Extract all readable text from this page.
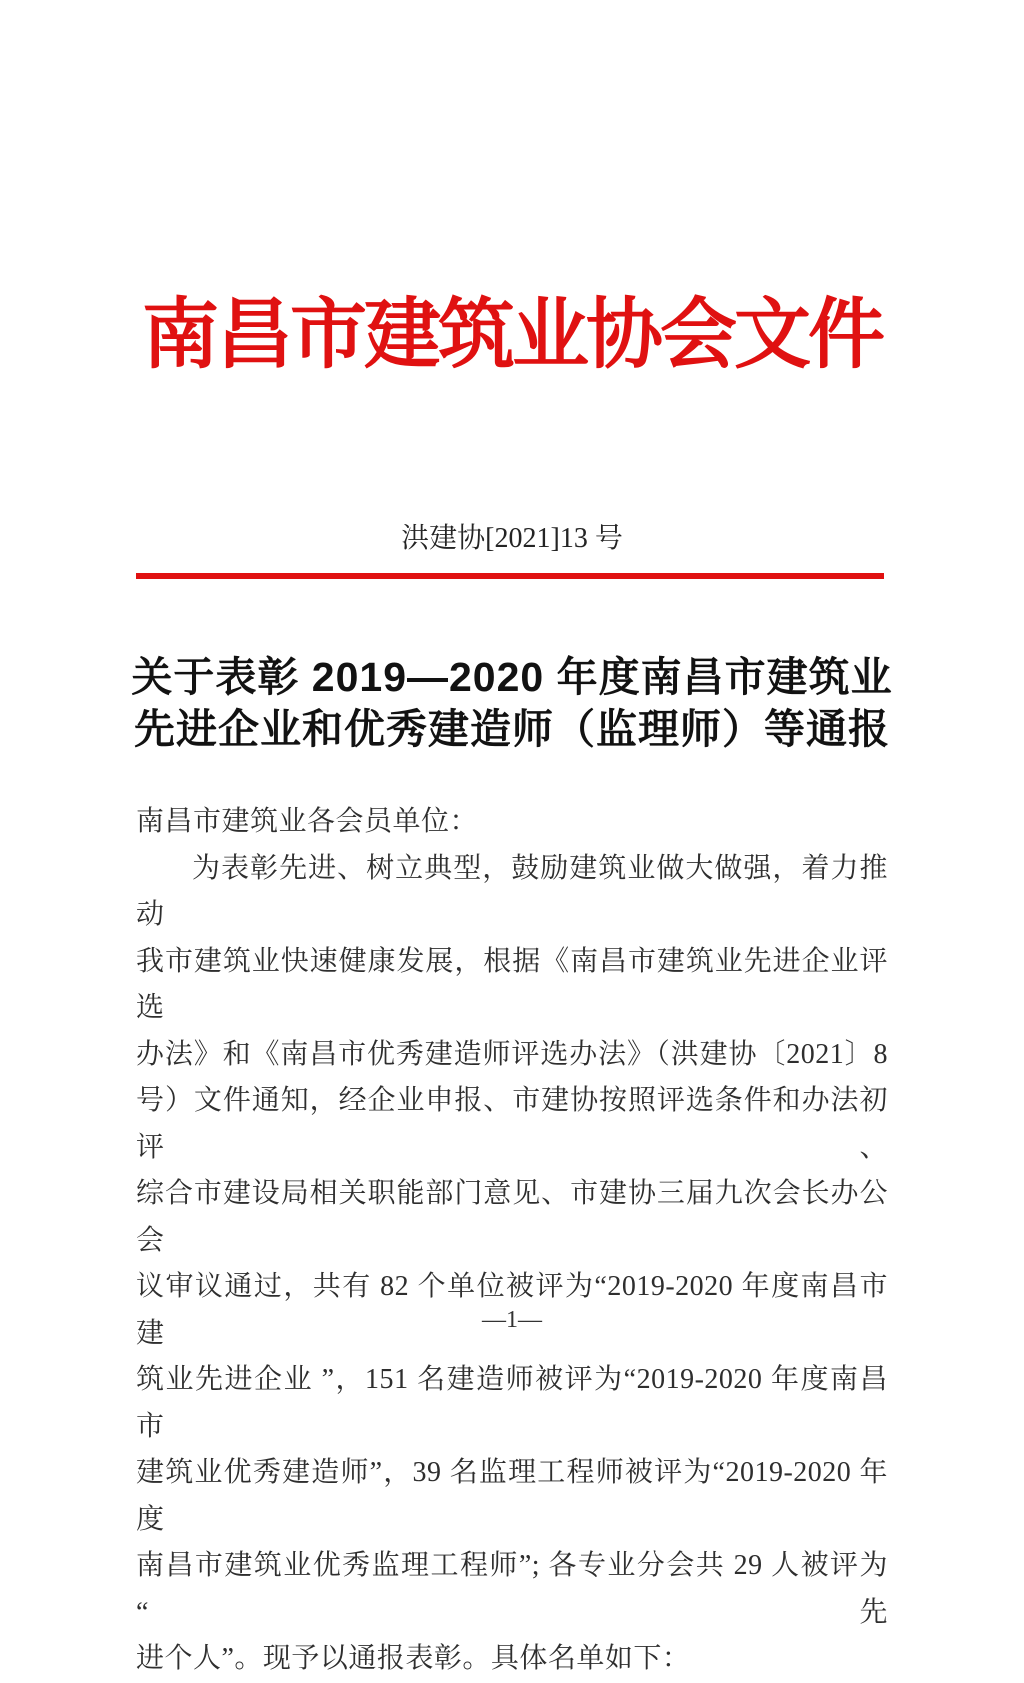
南昌市建筑业协会文件
洪建协[2021]13 号
关于表彰 2019—2020 年度南昌市建筑业
先进企业和优秀建造师（监理师）等通报
南昌市建筑业各会员单位：
为表彰先进、树立典型，鼓励建筑业做大做强，着力推动
我市建筑业快速健康发展，根据《南昌市建筑业先进企业评选
办法》和《南昌市优秀建造师评选办法》（洪建协〔2021〕8
号）文件通知，经企业申报、市建协按照评选条件和办法初评、
综合市建设局相关职能部门意见、市建协三届九次会长办公会
议审议通过，共有 82 个单位被评为“2019-2020 年度南昌市建
筑业先进企业 ”，151 名建造师被评为“2019-2020 年度南昌市
建筑业优秀建造师”，39 名监理工程师被评为“2019-2020 年度
南昌市建筑业优秀监理工程师”; 各专业分会共 29 人被评为“先
进个人”。现予以通报表彰。具体名单如下：
—1—
